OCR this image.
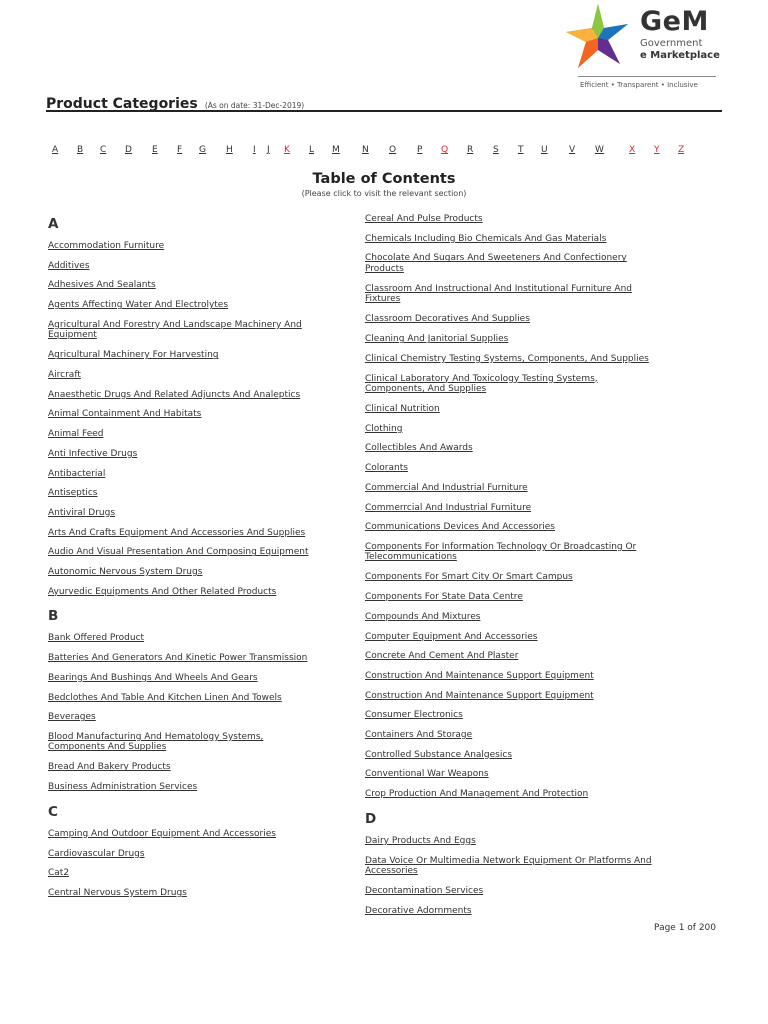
GeM
Government
e Marketplace
Efficient • Transparent • Inclusive
Product Categories (As on date: 31-Dec-2019)
A B C D E F G H I J K L M N O P Q R S T U V W	X Y Z
Table of Contents
(Please click to visit the relevant section)
A
Accommodation Furniture
Additives
Adhesives And Sealants
Agents Affecting Water And Electrolytes
Agricultural And Forestry And Landscape Machinery And Equipment
Agricultural Machinery For Harvesting
Aircraft
Anaesthetic Drugs And Related Adjuncts And Analeptics
Animal Containment And Habitats
Animal Feed
Anti Infective Drugs
Antibacterial
Antiseptics
Antiviral Drugs
Arts And Crafts Equipment And Accessories And Supplies
Audio And Visual Presentation And Composing Equipment
Autonomic Nervous System Drugs
Ayurvedic Equipments And Other Related Products
B
Bank Offered Product
Batteries And Generators And Kinetic Power Transmission
Bearings And Bushings And Wheels And Gears
Bedclothes And Table And Kitchen Linen And Towels
Beverages
Blood Manufacturing And Hematology Systems, Components And Supplies
Bread And Bakery Products
Business Administration Services
C
Camping And Outdoor Equipment And Accessories
Cardiovascular Drugs
Cat2
Central Nervous System Drugs
Cereal And Pulse Products
Chemicals Including Bio Chemicals And Gas Materials
Chocolate And Sugars And Sweeteners And Confectionery Products
Classroom And Instructional And Institutional Furniture And Fixtures
Classroom Decoratives And Supplies
Cleaning And Janitorial Supplies
Clinical Chemistry Testing Systems, Components, And Supplies
Clinical Laboratory And Toxicology Testing Systems, Components, And Supplies
Clinical Nutrition
Clothing
Collectibles And Awards
Colorants
Commercial And Industrial Furniture
Commerrcial And Industrial Furniture
Communications Devices And Accessories
Components For Information Technology Or Broadcasting Or Telecommunications
Components For Smart City Or Smart Campus
Components For State Data Centre
Compounds And Mixtures
Computer Equipment And Accessories
Concrete And Cement And Plaster
Construction And Maintenance Support Equipment
Construction And Maintenance Support Equipment
Consumer Electronics
Containers And Storage
Controlled Substance Analgesics
Conventional War Weapons
Crop Production And Management And Protection
D
Dairy Products And Eggs
Data Voice Or Multimedia Network Equipment Or Platforms And Accessories
Decontamination Services
Decorative Adornments
Page 1 of 200
